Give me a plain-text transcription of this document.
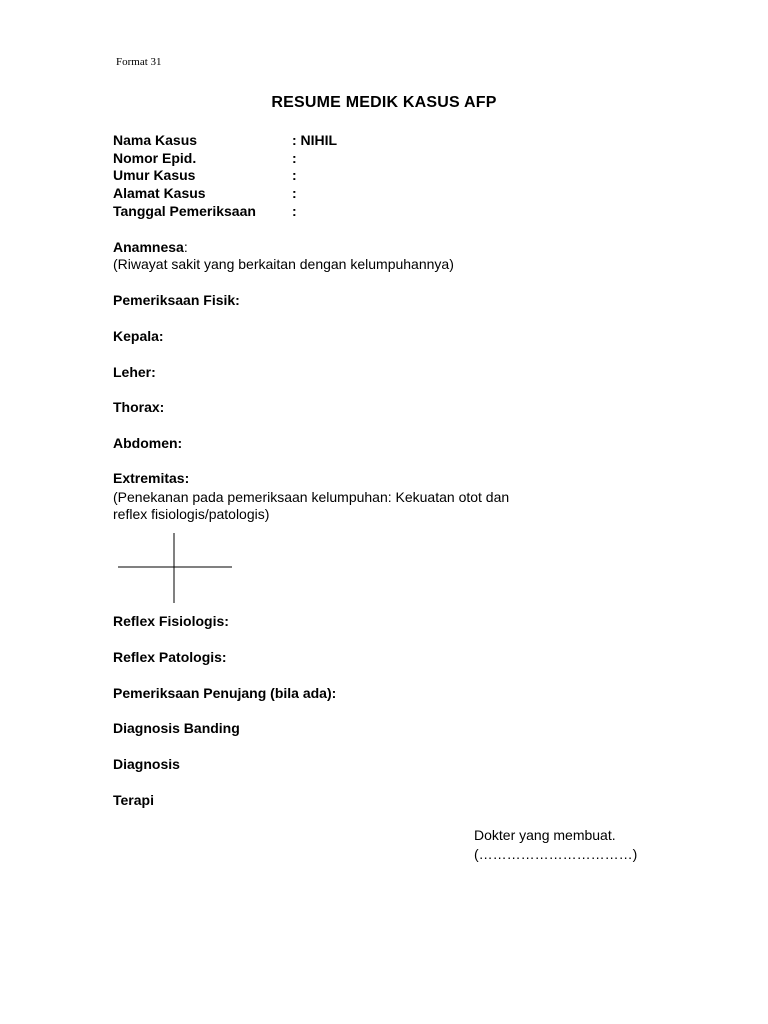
Format 31
RESUME MEDIK KASUS AFP
Nama Kasus	: NIHIL
Nomor Epid.	:
Umur Kasus	:
Alamat Kasus	:
Tanggal Pemeriksaan	:
Anamnesa:
(Riwayat sakit yang berkaitan dengan kelumpuhannya)
Pemeriksaan Fisik:
Kepala:
Leher:
Thorax:
Abdomen:
Extremitas:
(Penekanan pada pemeriksaan kelumpuhan: Kekuatan otot dan
reflex fisiologis/patologis)
Reflex Fisiologis:
Reflex Patologis:
Pemeriksaan Penujang (bila ada):
Diagnosis Banding
Diagnosis
Terapi
Dokter yang membuat.
(……………………………)
